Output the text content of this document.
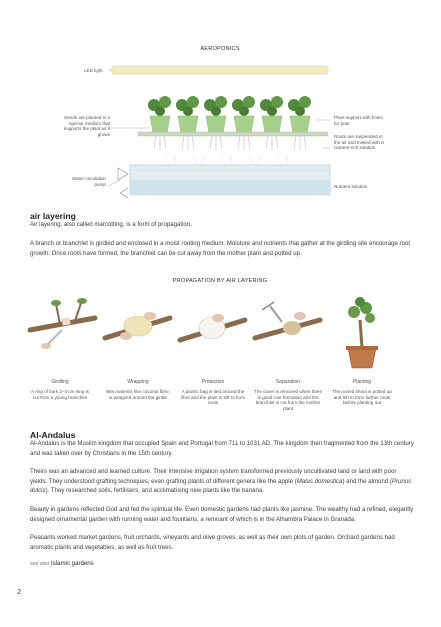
AEROPONICS
LED light
Seeds are planted in a special medium that supports the plant as it grows
Water circulation pump
Plant support with holes for pots
Roots are suspended in the air and misted with a nutrient-rich solution
Nutrient solution
air layering
Air layering, also called marcotting, is a form of propagation.
A branch or branchlet is girdled and enclosed in a moist rooting medium. Moisture and nutrients that gather at the girdling site encourage root growth. Once roots have formed, the branchlet can be cut away from the mother plant and potted up.
PROPAGATION BY AIR LAYERING
Girdling	Wrapping	Protection	Separation	Planting
A ring of bark 2–4 cm long is cut from a young branchlet
Wet material, like coconut fibre, is wrapped around the girdle
A plastic bag is tied around the fibre and the plant is left to form roots
The cover is removed when there is good root formation and the branchlet is cut from the mother plant
The rooted shoot is potted up and left to form further roots before planting out
Al-Andalus
Al-Andalus is the Muslim kingdom that occupied Spain and Portugal from 711 to 1031 AD. The kingdom then fragmented from the 13th century and was taken over by Christians in the 15th century.
Theirs was an advanced and learned culture. Their intensive irrigation system transformed previously uncultivated land or land with poor yields. They understood grafting techniques, even grafting plants of different genera like the apple (Malus domestica) and the almond (Prunus dulcis). They researched soils, fertilisers, and acclimatising new plants like the banana.
Beauty in gardens reflected God and fed the spiritual life. Even domestic gardens had plants like jasmine. The wealthy had a refined, elegantly designed ornamental garden with running water and fountains, a remnant of which is in the Alhambra Palace in Granada.
Peasants worked market gardens, fruit orchards, vineyards and olive groves, as well as their own plots of garden. Orchard gardens had aromatic plants and vegetables, as well as fruit trees.
see also Islamic gardens
2
